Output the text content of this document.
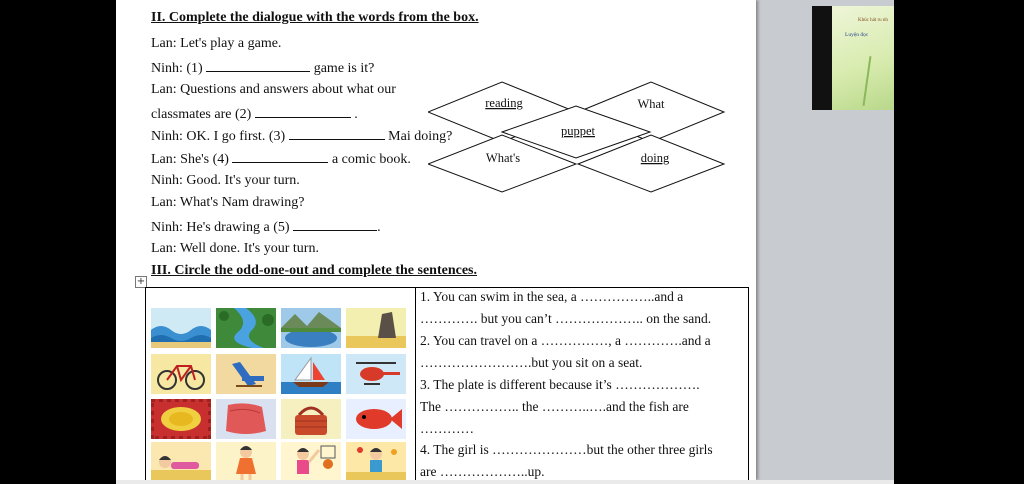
II. Complete the dialogue with the words from the box.
Lan: Let's play a game.
Ninh: (1)	game is it?
Lan: Questions and answers about what our
classmates are (2)	.
Ninh: OK. I go first. (3)	Mai doing?
Lan: She's (4)	a comic book.
Ninh: Good. It's your turn.
Lan: What's Nam drawing?
Ninh: He's drawing a (5)	.
Lan: Well done. It's your turn.
reading	What
puppet
What's	doing
III. Circle the odd-one-out and complete the sentences.
+
1. You can swim in the sea, a ……………..and a
…………. but you can’t ……………….. on the sand.
2. You can travel on a ……………, a ………….and a
…………………….but you sit on a seat.
3. The plate is different because it’s ……………….
The …………….. the ………..….and the fish are
…………
4. The girl is …………………but the other three girls
are ………………..up.
Khúc hát ru nh
Luyện đọc
